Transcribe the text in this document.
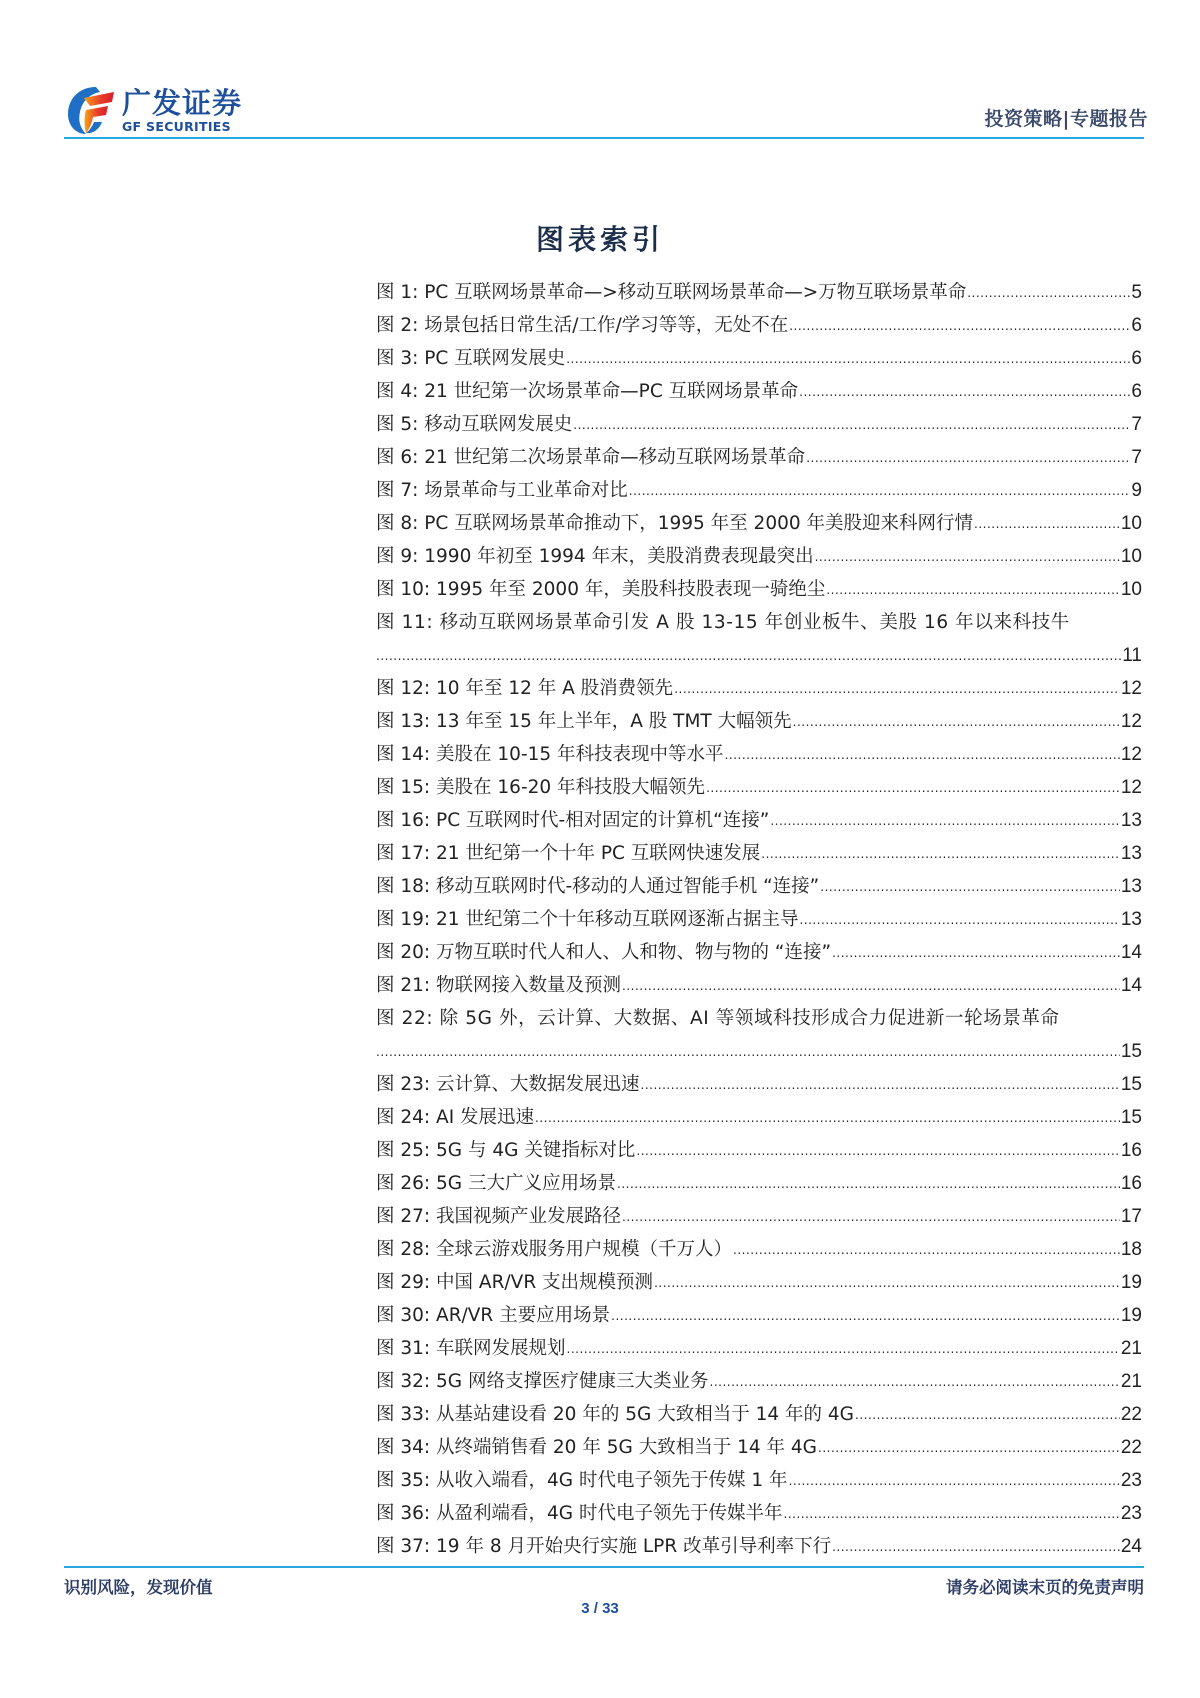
广发证券
GF SECURITIES	投资策略|专题报告
图表索引
图 1: PC 互联网场景革命—>移动互联网场景革命—>万物互联场景革命 .....	5
图 2: 场景包括日常生活/工作/学习等等，无处不在 .....	6
图 3: PC 互联网发展史 .....	6
图 4: 21 世纪第一次场景革命—PC 互联网场景革命 .....	6
图 5: 移动互联网发展史 .....	7
图 6: 21 世纪第二次场景革命—移动互联网场景革命 .....	7
图 7: 场景革命与工业革命对比 .....	9
图 8: PC 互联网场景革命推动下，1995 年至 2000 年美股迎来科网行情 .....	10
图 9: 1990 年初至 1994 年末，美股消费表现最突出 .....	10
图 10: 1995 年至 2000 年，美股科技股表现一骑绝尘 .....	10
图 11: 移动互联网场景革命引发 A 股 13-15 年创业板牛、美股 16 年以来科技牛
.....
11
图 12: 10 年至 12 年 A 股消费领先 .....	12
图 13: 13 年至 15 年上半年，A 股 TMT 大幅领先 .....	12
图 14: 美股在 10-15 年科技表现中等水平 .....	12
图 15: 美股在 16-20 年科技股大幅领先 .....	12
图 16: PC 互联网时代-相对固定的计算机“连接” .....	13
图 17: 21 世纪第一个十年 PC 互联网快速发展 .....	13
图 18: 移动互联网时代-移动的人通过智能手机 “连接” .....	13
图 19: 21 世纪第二个十年移动互联网逐渐占据主导 .....	13
图 20: 万物互联时代人和人、人和物、物与物的 “连接” .....	14
图 21: 物联网接入数量及预测 .....	14
图 22: 除 5G 外，云计算、大数据、AI 等领域科技形成合力促进新一轮场景革命
.....
15
图 23: 云计算、大数据发展迅速 .....	15
图 24: AI 发展迅速 .....	15
图 25: 5G 与 4G 关键指标对比 .....	16
图 26: 5G 三大广义应用场景 .....	16
图 27: 我国视频产业发展路径 .....	17
图 28: 全球云游戏服务用户规模（千万人） .....	18
图 29: 中国 AR/VR 支出规模预测 .....	19
图 30: AR/VR 主要应用场景 .....	19
图 31: 车联网发展规划 .....	21
图 32: 5G 网络支撑医疗健康三大类业务 .....	21
图 33: 从基站建设看 20 年的 5G 大致相当于 14 年的 4G .....	22
图 34: 从终端销售看 20 年 5G 大致相当于 14 年 4G .....	22
图 35: 从收入端看，4G 时代电子领先于传媒 1 年 .....	23
图 36: 从盈利端看，4G 时代电子领先于传媒半年 .....	23
图 37: 19 年 8 月开始央行实施 LPR 改革引导利率下行 .....	24
识别风险，发现价值	请务必阅读末页的免责声明
3 / 33
